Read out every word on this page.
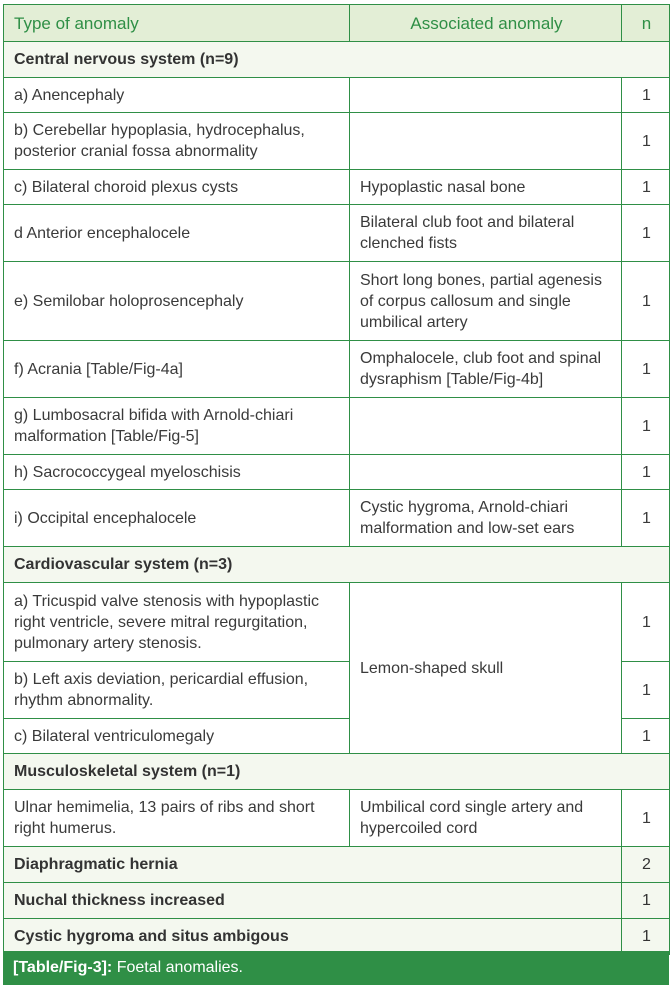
Type of anomaly	Associated anomaly	n
Central nervous system (n=9)		
a) Anencephaly		1
b) Cerebellar hypoplasia, hydrocephalus, posterior cranial fossa abnormality		1
c) Bilateral choroid plexus cysts	Hypoplastic nasal bone	1
d Anterior encephalocele	Bilateral club foot and bilateral clenched fists	1
e) Semilobar holoprosencephaly	Short long bones, partial agenesis of corpus callosum and single umbilical artery	1
f) Acrania [Table/Fig-4a]	Omphalocele, club foot and spinal dysraphism [Table/Fig-4b]	1
g) Lumbosacral bifida with Arnold-chiari malformation [Table/Fig-5]		1
h) Sacrococcygeal myeloschisis		1
i) Occipital encephalocele	Cystic hygroma, Arnold-chiari malformation and low-set ears	1
Cardiovascular system (n=3)		
a) Tricuspid valve stenosis with hypoplastic right ventricle, severe mitral regurgitation, pulmonary artery stenosis.	Lemon-shaped skull	1
b) Left axis deviation, pericardial effusion, rhythm abnormality.		1
c) Bilateral ventriculomegaly		1
Musculoskeletal system (n=1)		
Ulnar hemimelia, 13 pairs of ribs and short right humerus.	Umbilical cord single artery and hypercoiled cord	1
Diaphragmatic hernia		2
Nuchal thickness increased		1
Cystic hygroma and situs ambigous		1
[Table/Fig-3]: Foetal anomalies.
